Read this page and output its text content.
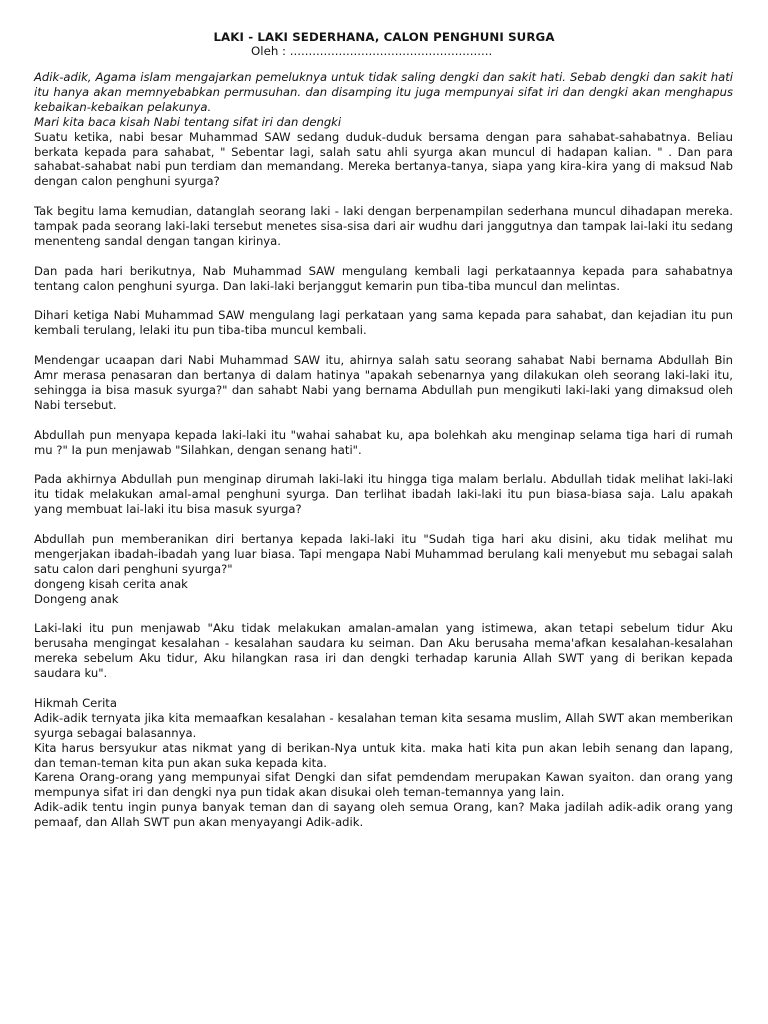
LAKI - LAKI SEDERHANA, CALON PENGHUNI SURGA
Oleh : ......................................................

Adik-adik, Agama islam mengajarkan pemeluknya untuk tidak saling dengki dan sakit hati. Sebab dengki dan sakit hati itu hanya akan memnyebabkan permusuhan. dan disamping itu juga mempunyai sifat iri dan dengki akan menghapus kebaikan-kebaikan pelakunya.

Mari kita baca kisah Nabi tentang sifat iri dan dengki

Suatu ketika, nabi besar Muhammad SAW sedang duduk-duduk bersama dengan para sahabat-sahabatnya. Beliau berkata kepada para sahabat, " Sebentar lagi, salah satu ahli syurga akan muncul di hadapan kalian. " . Dan para sahabat-sahabat nabi pun terdiam dan memandang. Mereka bertanya-tanya, siapa yang kira-kira yang di maksud Nab dengan calon penghuni syurga?

Tak begitu lama kemudian, datanglah seorang laki - laki dengan berpenampilan sederhana muncul dihadapan mereka. tampak pada seorang laki-laki tersebut menetes sisa-sisa dari air wudhu dari janggutnya dan tampak lai-laki itu sedang menenteng sandal dengan tangan kirinya.

Dan pada hari berikutnya, Nab Muhammad SAW mengulang kembali lagi perkataannya kepada para sahabatnya tentang calon penghuni syurga. Dan laki-laki berjanggut kemarin pun tiba-tiba muncul dan melintas.

Dihari ketiga Nabi Muhammad SAW mengulang lagi perkataan yang sama kepada para sahabat, dan kejadian itu pun kembali terulang, lelaki itu pun tiba-tiba muncul kembali.

Mendengar ucaapan dari Nabi Muhammad SAW itu, ahirnya salah satu seorang sahabat Nabi bernama Abdullah Bin Amr merasa penasaran dan bertanya di dalam hatinya "apakah sebenarnya yang dilakukan oleh seorang laki-laki itu, sehingga ia bisa masuk syurga?" dan sahabt Nabi yang bernama Abdullah pun mengikuti laki-laki yang dimaksud oleh Nabi tersebut.

Abdullah pun menyapa kepada laki-laki itu "wahai sahabat ku, apa bolehkah aku menginap selama tiga hari di rumah mu ?" Ia pun menjawab "Silahkan, dengan senang hati".

Pada akhirnya Abdullah pun menginap dirumah laki-laki itu hingga tiga malam berlalu. Abdullah tidak melihat laki-laki itu tidak melakukan amal-amal penghuni syurga. Dan terlihat ibadah laki-laki itu pun biasa-biasa saja. Lalu apakah yang membuat lai-laki itu bisa masuk syurga?

Abdullah pun memberanikan diri bertanya kepada laki-laki itu "Sudah tiga hari aku disini, aku tidak melihat mu mengerjakan ibadah-ibadah yang luar biasa. Tapi mengapa Nabi Muhammad berulang kali menyebut mu sebagai salah satu calon dari penghuni syurga?"

dongeng kisah cerita anak

Dongeng anak

Laki-laki itu pun menjawab "Aku tidak melakukan amalan-amalan yang istimewa, akan tetapi sebelum tidur Aku berusaha mengingat kesalahan - kesalahan saudara ku seiman. Dan Aku berusaha mema'afkan kesalahan-kesalahan mereka sebelum Aku tidur, Aku hilangkan rasa iri dan dengki terhadap karunia Allah SWT yang di berikan kepada saudara ku".

Hikmah Cerita

Adik-adik ternyata jika kita memaafkan kesalahan - kesalahan teman kita sesama muslim, Allah SWT akan memberikan syurga sebagai balasannya.

Kita harus bersyukur atas nikmat yang di berikan-Nya untuk kita. maka hati kita pun akan lebih senang dan lapang, dan teman-teman kita pun akan suka kepada kita.

Karena Orang-orang yang mempunyai sifat Dengki dan sifat pemdendam merupakan Kawan syaiton. dan orang yang mempunya sifat iri dan dengki nya pun tidak akan disukai oleh teman-temannya yang lain.

Adik-adik tentu ingin punya banyak teman dan di sayang oleh semua Orang, kan? Maka jadilah adik-adik orang yang pemaaf, dan Allah SWT pun akan menyayangi Adik-adik.
